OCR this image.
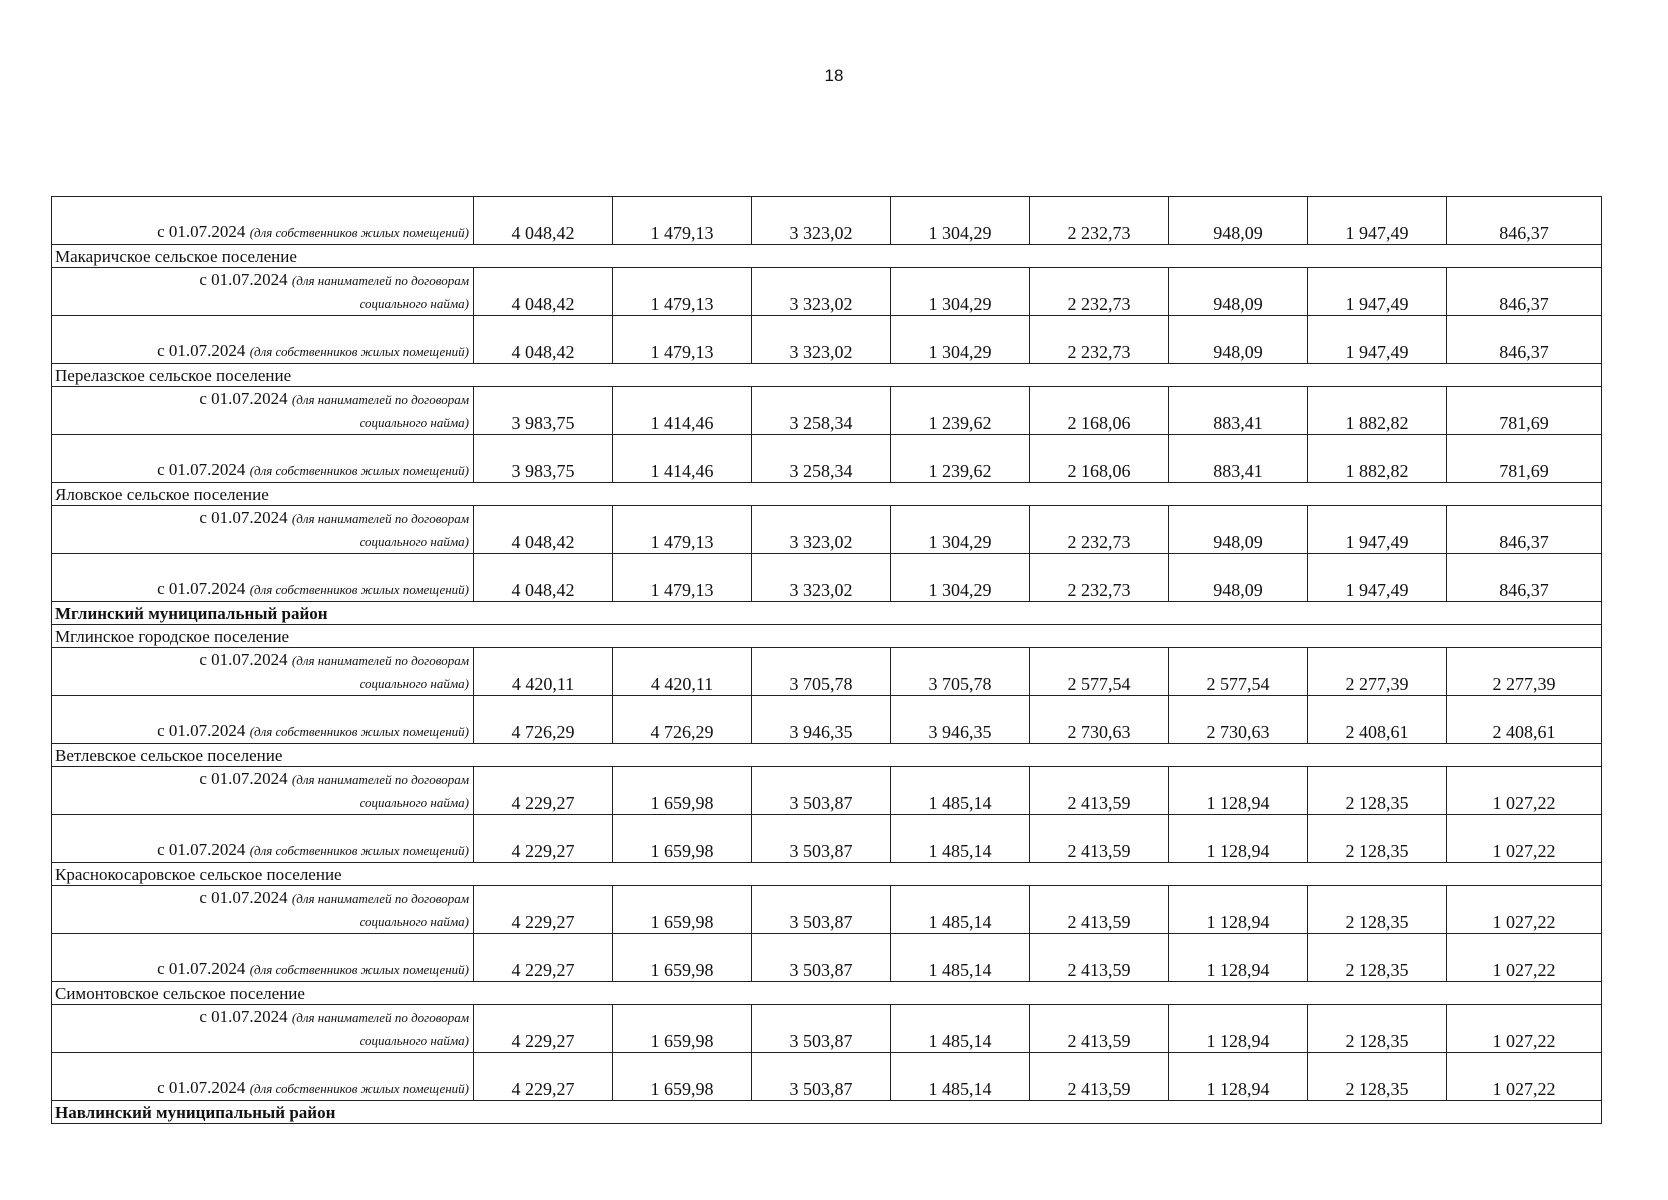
18
с 01.07.2024 (для собственников жилых помещений)	4 048,42	1 479,13	3 323,02	1 304,29	2 232,73	948,09	1 947,49	846,37
Макаричское сельское поселение								
с 01.07.2024 (для нанимателей по договорам
социального найма)	4 048,42	1 479,13	3 323,02	1 304,29	2 232,73	948,09	1 947,49	846,37
с 01.07.2024 (для собственников жилых помещений)	4 048,42	1 479,13	3 323,02	1 304,29	2 232,73	948,09	1 947,49	846,37
Перелазское сельское поселение								
с 01.07.2024 (для нанимателей по договорам
социального найма)	3 983,75	1 414,46	3 258,34	1 239,62	2 168,06	883,41	1 882,82	781,69
с 01.07.2024 (для собственников жилых помещений)	3 983,75	1 414,46	3 258,34	1 239,62	2 168,06	883,41	1 882,82	781,69
Яловское сельское поселение								
с 01.07.2024 (для нанимателей по договорам
социального найма)	4 048,42	1 479,13	3 323,02	1 304,29	2 232,73	948,09	1 947,49	846,37
с 01.07.2024 (для собственников жилых помещений)	4 048,42	1 479,13	3 323,02	1 304,29	2 232,73	948,09	1 947,49	846,37
Мглинский муниципальный район								
Мглинское городское поселение								
с 01.07.2024 (для нанимателей по договорам
социального найма)	4 420,11	4 420,11	3 705,78	3 705,78	2 577,54	2 577,54	2 277,39	2 277,39
с 01.07.2024 (для собственников жилых помещений)	4 726,29	4 726,29	3 946,35	3 946,35	2 730,63	2 730,63	2 408,61	2 408,61
Ветлевское сельское поселение								
с 01.07.2024 (для нанимателей по договорам
социального найма)	4 229,27	1 659,98	3 503,87	1 485,14	2 413,59	1 128,94	2 128,35	1 027,22
с 01.07.2024 (для собственников жилых помещений)	4 229,27	1 659,98	3 503,87	1 485,14	2 413,59	1 128,94	2 128,35	1 027,22
Краснокосаровское сельское поселение								
с 01.07.2024 (для нанимателей по договорам
социального найма)	4 229,27	1 659,98	3 503,87	1 485,14	2 413,59	1 128,94	2 128,35	1 027,22
с 01.07.2024 (для собственников жилых помещений)	4 229,27	1 659,98	3 503,87	1 485,14	2 413,59	1 128,94	2 128,35	1 027,22
Симонтовское сельское поселение								
с 01.07.2024 (для нанимателей по договорам
социального найма)	4 229,27	1 659,98	3 503,87	1 485,14	2 413,59	1 128,94	2 128,35	1 027,22
с 01.07.2024 (для собственников жилых помещений)	4 229,27	1 659,98	3 503,87	1 485,14	2 413,59	1 128,94	2 128,35	1 027,22
Навлинский муниципальный район								
